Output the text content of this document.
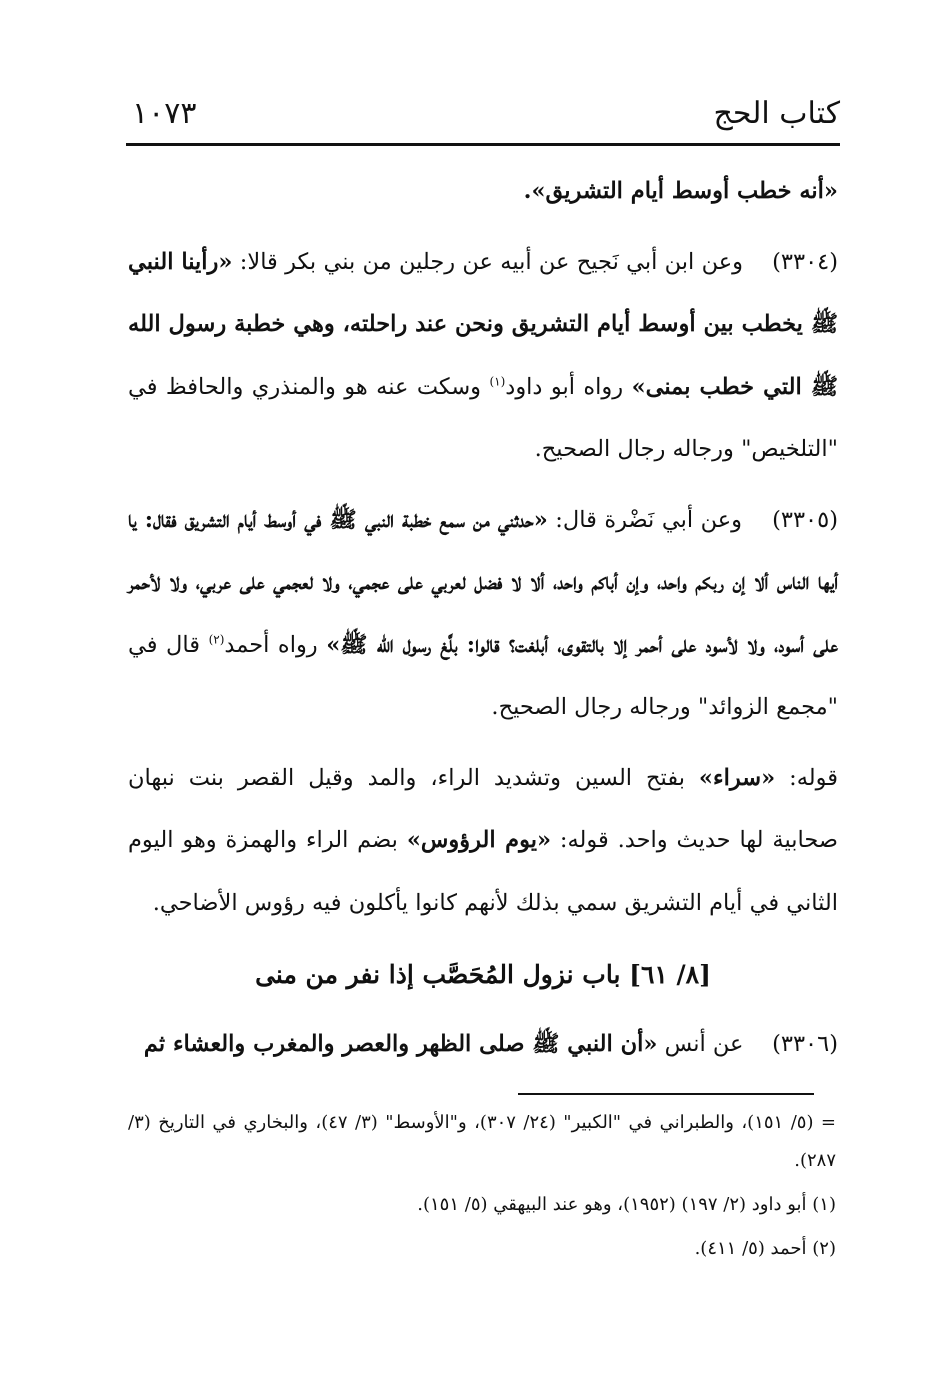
كتاب الحج
١٠٧٣

«أنه خطب أوسط أيام التشريق».

(٣٣٠٤)    وعن ابن أبي نَجيح عن أبيه عن رجلين من بني بكر قالا: «رأينا النبي ﷺ يخطب بين أوسط أيام التشريق ونحن عند راحلته، وهي خطبة رسول الله ﷺ التي خطب بمنى» رواه أبو داود$^{(١)}$ وسكت عنه هو والمنذري والحافظ في "التلخيص" ورجاله رجال الصحيح.

(٣٣٠٥)    وعن أبي نَضْرة قال: «حدثني من سمع خطبة النبي ﷺ في أوسط أيام التشريق فقال: يا أيها الناس ألا إن ربكم واحد، وإن أباكم واحد، ألا لا فضل لعربي على عجمي، ولا لعجمي على عربي، ولا لأحمر على أسود، ولا لأسود على أحمر إلا بالتقوى، أبلغت؟ قالوا: بلَّغ رسول الله ﷺ» رواه أحمد$^{(٢)}$ قال في "مجمع الزوائد" ورجاله رجال الصحيح.

قوله: «سراء» بفتح السين وتشديد الراء، والمد وقيل القصر بنت نبهان صحابية لها حديث واحد. قوله: «يوم الرؤوس» بضم الراء والهمزة وهو اليوم الثاني في أيام التشريق سمي بذلك لأنهم كانوا يأكلون فيه رؤوس الأضاحي.

[٨/ ٦١] باب نزول المُحَصَّب إذا نفر من منى

(٣٣٠٦)    عن أنس «أن النبي ﷺ صلى الظهر والعصر والمغرب والعشاء ثم

= (٥/ ١٥١)، والطبراني في "الكبير" (٢٤/ ٣٠٧)، و"الأوسط" (٣/ ٤٧)، والبخاري في التاريخ (٣/ ٢٨٧).

(١) أبو داود (٢/ ١٩٧) (١٩٥٢)، وهو عند البيهقي (٥/ ١٥١).

(٢) أحمد (٥/ ٤١١).
